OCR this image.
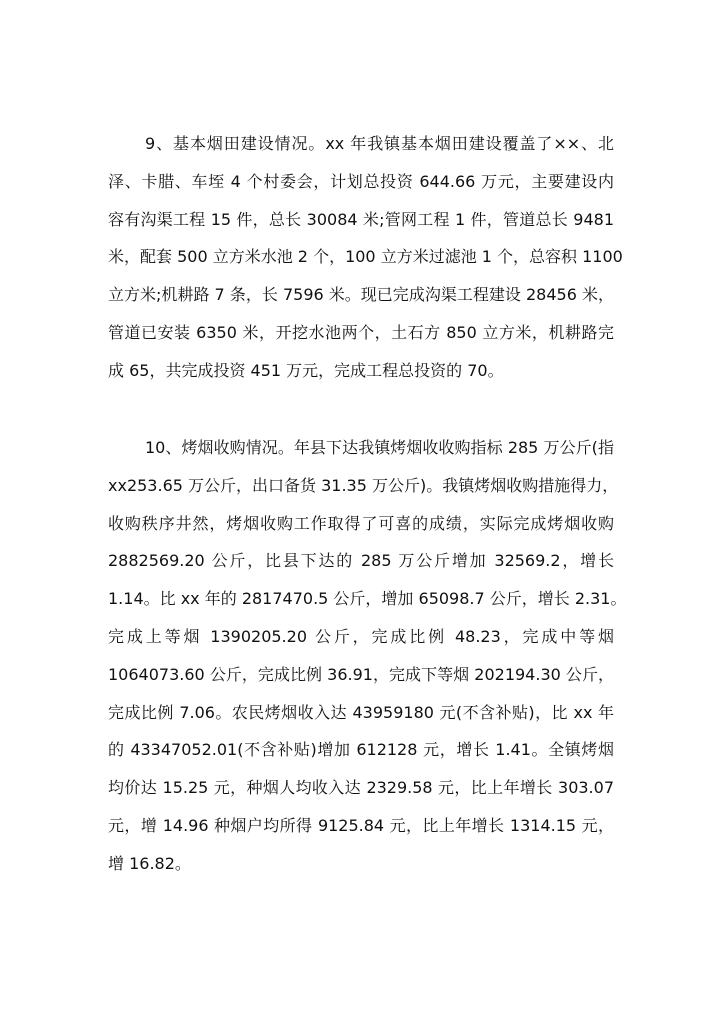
9、基本烟田建设情况。xx 年我镇基本烟田建设覆盖了××、北
泽、卡腊、车垤 4 个村委会，计划总投资 644.66 万元，主要建设内
容有沟渠工程 15 件，总长 30084 米;管网工程 1 件，管道总长 9481
米，配套 500 立方米水池 2 个，100 立方米过滤池 1 个，总容积 1100
立方米;机耕路 7 条，长 7596 米。现已完成沟渠工程建设 28456 米，
管道已安装 6350 米，开挖水池两个，土石方 850 立方米，机耕路完
成 65，共完成投资 451 万元，完成工程总投资的 70。
10、烤烟收购情况。年县下达我镇烤烟收收购指标 285 万公斤(指
xx253.65 万公斤，出口备货 31.35 万公斤)。我镇烤烟收购措施得力，
收购秩序井然，烤烟收购工作取得了可喜的成绩，实际完成烤烟收购
2882569.20 公斤，比县下达的 285 万公斤增加 32569.2，增长
1.14。比 xx 年的 2817470.5 公斤，增加 65098.7 公斤，增长 2.31。
完成上等烟 1390205.20 公斤，完成比例 48.23，完成中等烟
1064073.60 公斤，完成比例 36.91，完成下等烟 202194.30 公斤，
完成比例 7.06。农民烤烟收入达 43959180 元(不含补贴)，比 xx 年
的 43347052.01(不含补贴)增加 612128 元，增长 1.41。全镇烤烟
均价达 15.25 元，种烟人均收入达 2329.58 元，比上年增长 303.07
元，增 14.96 种烟户均所得 9125.84 元，比上年增长 1314.15 元，
增 16.82。
